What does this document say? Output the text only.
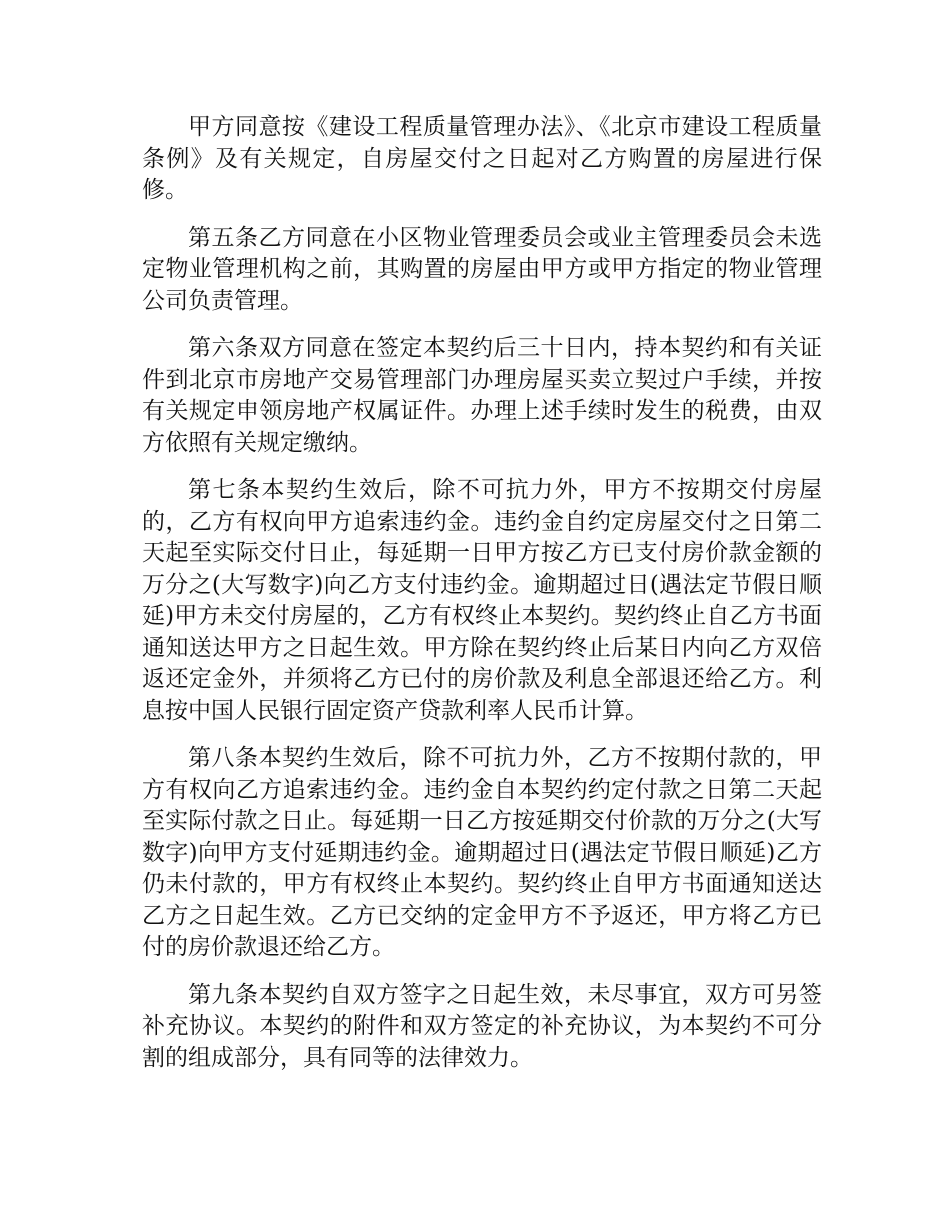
甲方同意按《建设工程质量管理办法》、《北京市建设工程质量条例》及有关规定，自房屋交付之日起对乙方购置的房屋进行保修。

第五条乙方同意在小区物业管理委员会或业主管理委员会未选定物业管理机构之前，其购置的房屋由甲方或甲方指定的物业管理公司负责管理。

第六条双方同意在签定本契约后三十日内，持本契约和有关证件到北京市房地产交易管理部门办理房屋买卖立契过户手续，并按有关规定申领房地产权属证件。办理上述手续时发生的税费，由双方依照有关规定缴纳。

第七条本契约生效后，除不可抗力外，甲方不按期交付房屋的，乙方有权向甲方追索违约金。违约金自约定房屋交付之日第二天起至实际交付日止，每延期一日甲方按乙方已支付房价款金额的万分之(大写数字)向乙方支付违约金。逾期超过日(遇法定节假日顺延)甲方未交付房屋的，乙方有权终止本契约。契约终止自乙方书面通知送达甲方之日起生效。甲方除在契约终止后某日内向乙方双倍返还定金外，并须将乙方已付的房价款及利息全部退还给乙方。利息按中国人民银行固定资产贷款利率人民币计算。

第八条本契约生效后，除不可抗力外，乙方不按期付款的，甲方有权向乙方追索违约金。违约金自本契约约定付款之日第二天起至实际付款之日止。每延期一日乙方按延期交付价款的万分之(大写数字)向甲方支付延期违约金。逾期超过日(遇法定节假日顺延)乙方仍未付款的，甲方有权终止本契约。契约终止自甲方书面通知送达乙方之日起生效。乙方已交纳的定金甲方不予返还，甲方将乙方已付的房价款退还给乙方。

第九条本契约自双方签字之日起生效，未尽事宜，双方可另签补充协议。本契约的附件和双方签定的补充协议，为本契约不可分割的组成部分，具有同等的法律效力。
